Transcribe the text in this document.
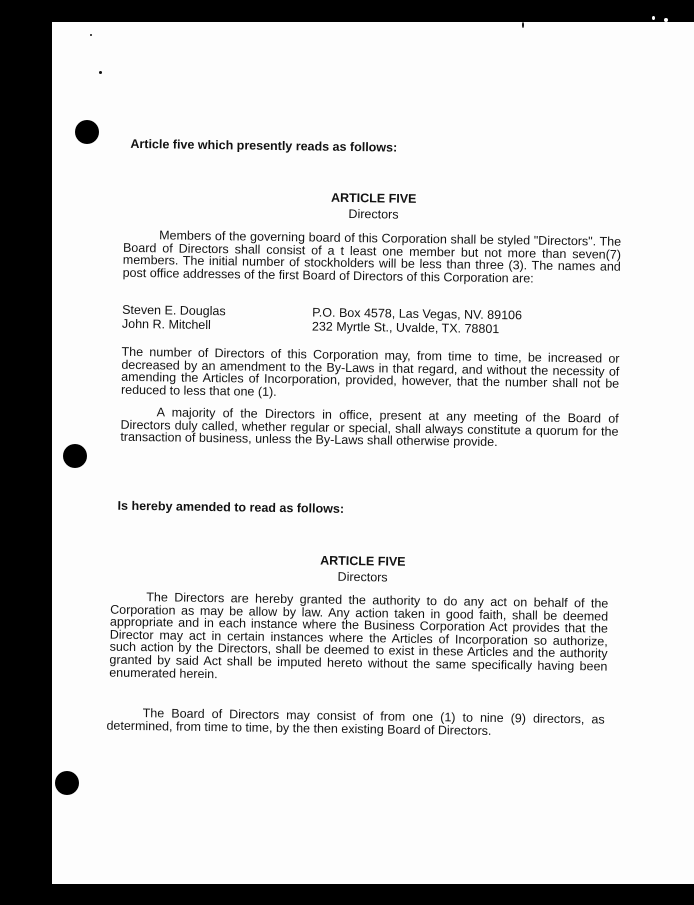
Article five which presently reads as follows:
ARTICLE FIVE
Directors
Members of the governing board of this Corporation shall be styled "Directors". The Board of Directors shall consist of a t least one member but not more than seven(7) members. The initial number of stockholders will be less than three (3). The names and post office addresses of the first Board of Directors of this Corporation are:
Steven E. Douglas	P.O. Box 4578, Las Vegas, NV. 89106
John R. Mitchell	232 Myrtle St., Uvalde, TX. 78801
The number of Directors of this Corporation may, from time to time, be increased or decreased by an amendment to the By-Laws in that regard, and without the necessity of amending the Articles of Incorporation, provided, however, that the number shall not be reduced to less that one (1).
A majority of the Directors in office, present at any meeting of the Board of Directors duly called, whether regular or special, shall always constitute a quorum for the transaction of business, unless the By-Laws shall otherwise provide.
Is hereby amended to read as follows:
ARTICLE FIVE
Directors
The Directors are hereby granted the authority to do any act on behalf of the Corporation as may be allow by law. Any action taken in good faith, shall be deemed appropriate and in each instance where the Business Corporation Act provides that the Director may act in certain instances where the Articles of Incorporation so authorize, such action by the Directors, shall be deemed to exist in these Articles and the authority granted by said Act shall be imputed hereto without the same specifically having been enumerated herein.
The Board of Directors may consist of from one (1) to nine (9) directors, as determined, from time to time, by the then existing Board of Directors.
